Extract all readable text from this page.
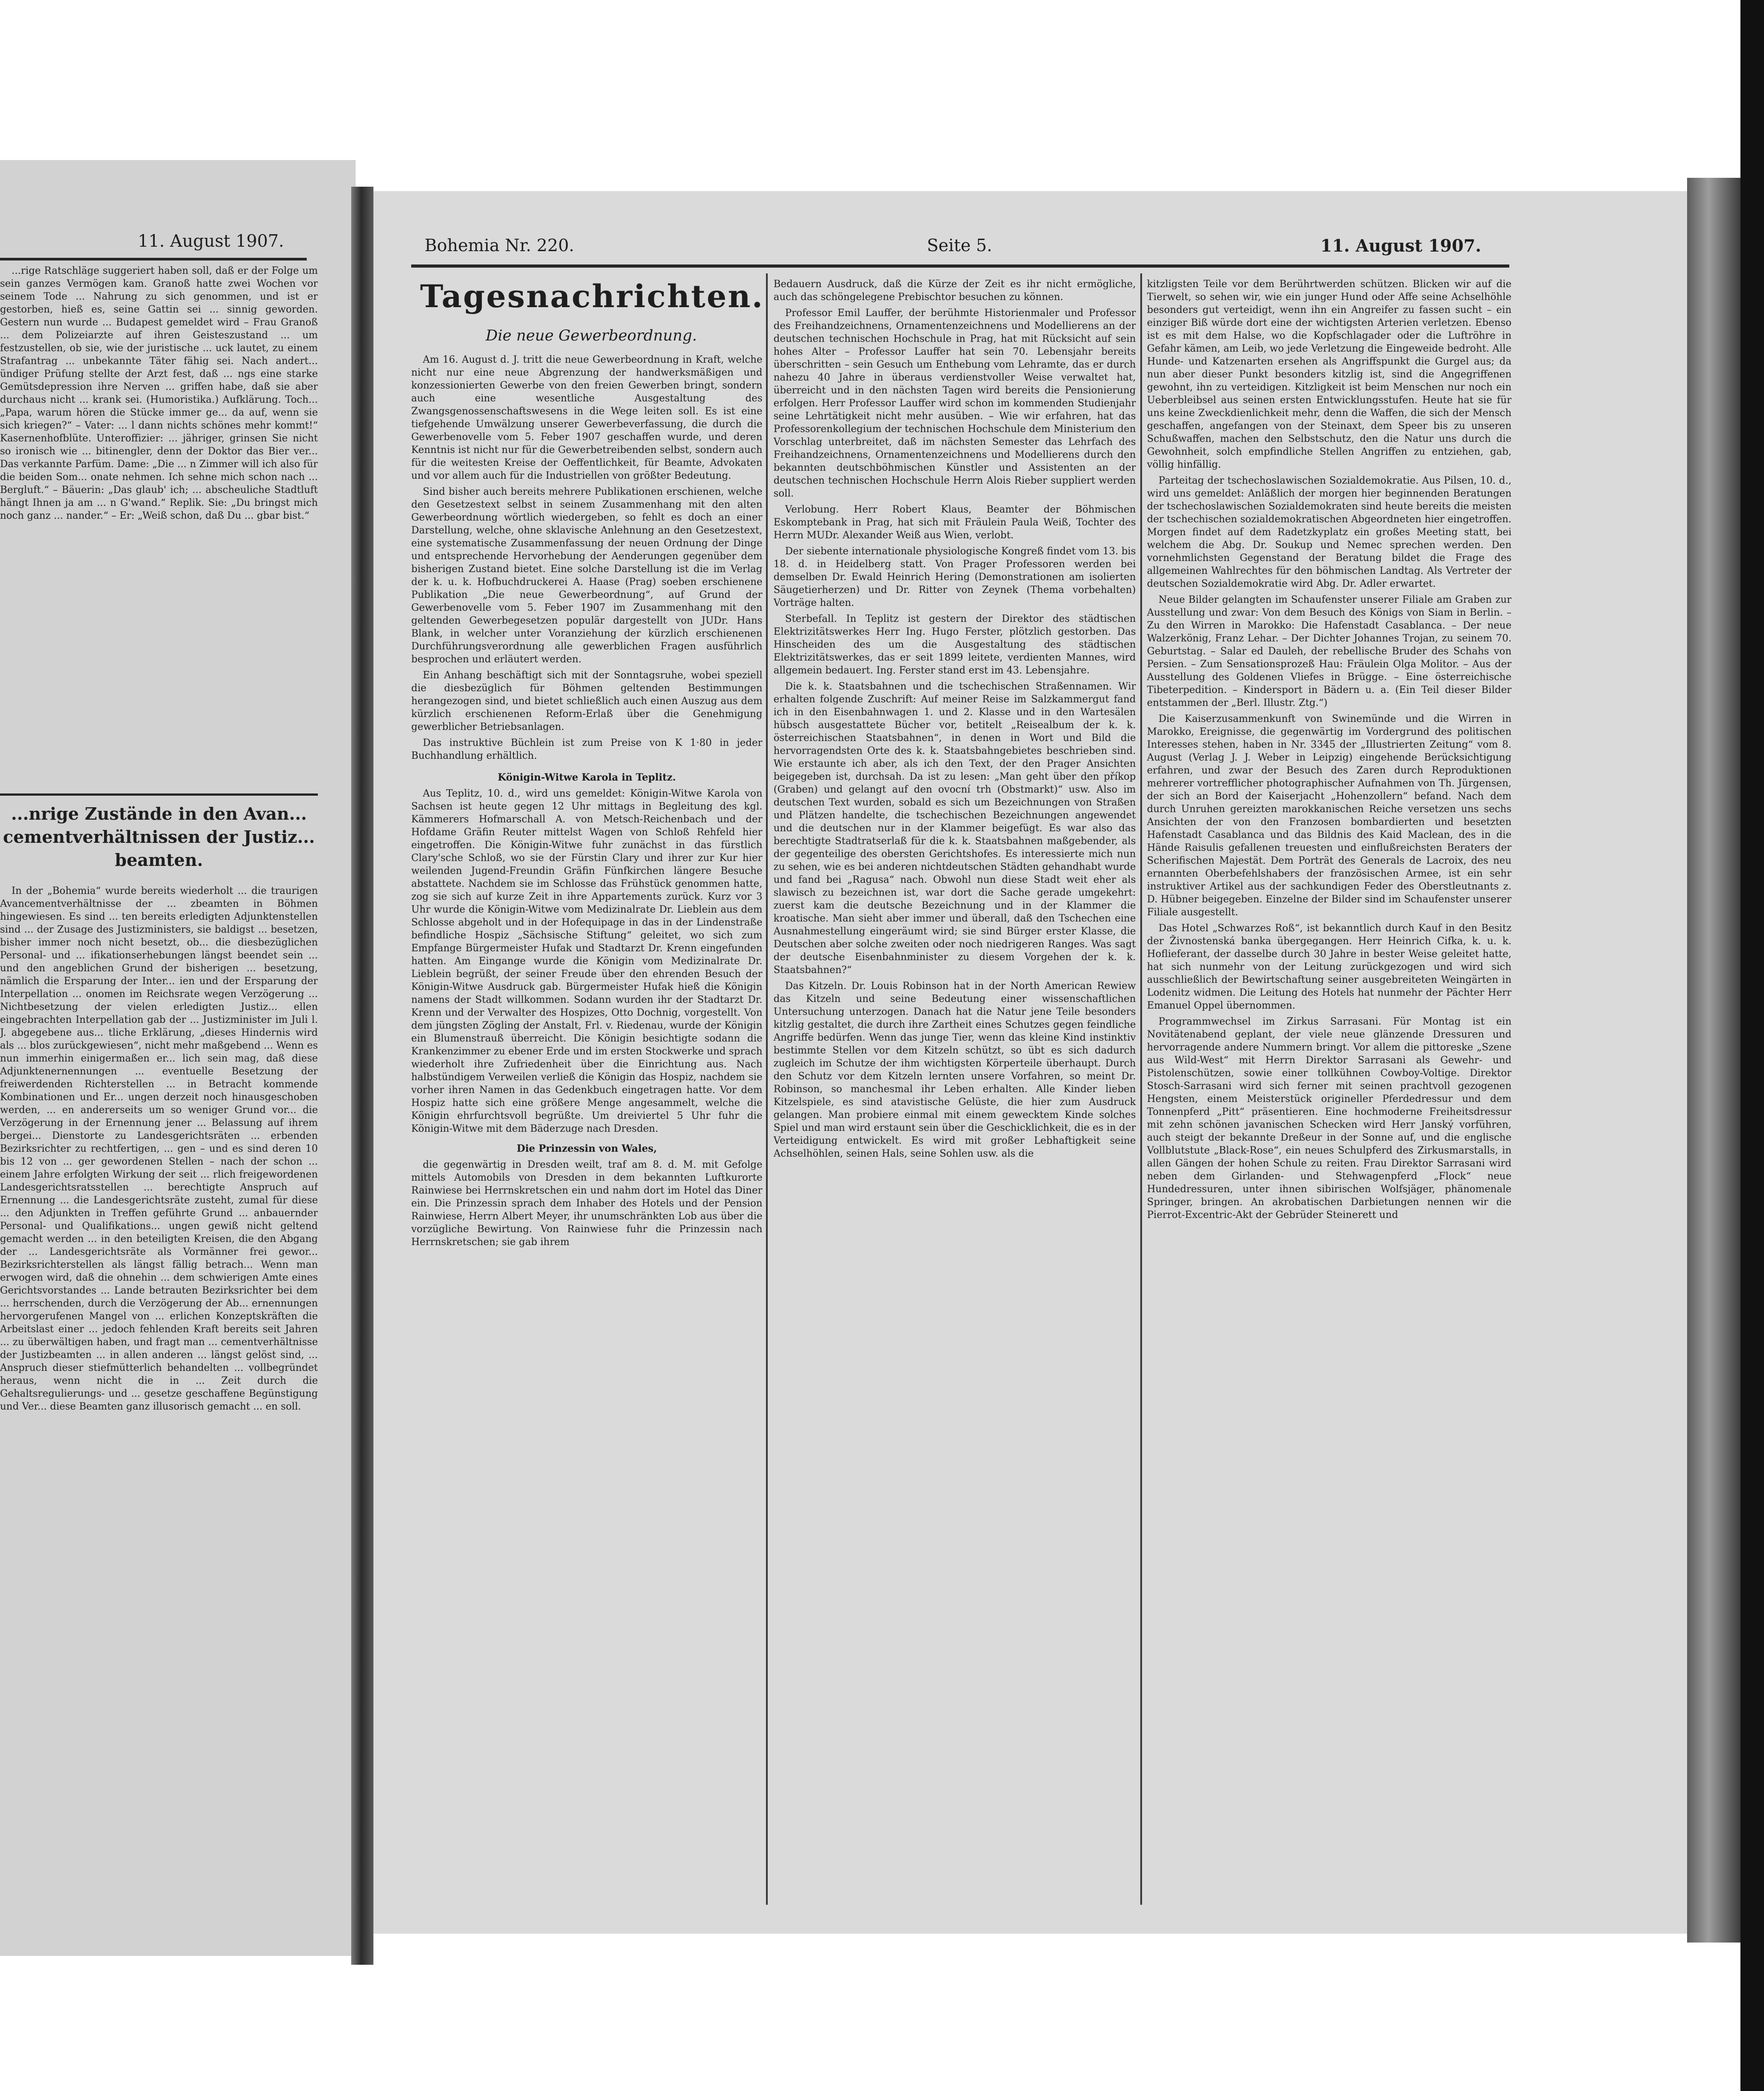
11. August 1907.

...rige Ratschläge suggeriert haben soll, daß er der Folge um sein ganzes Vermögen kam. Granoß hatte zwei Wochen vor seinem Tode ... Nahrung zu sich genommen, und ist er gestorben, hieß es, seine Gattin sei ... sinnig geworden. Gestern nun wurde ... Budapest gemeldet wird – Frau Granoß ... dem Polizeiarzte auf ihren Geisteszustand ... um festzustellen, ob sie, wie der juristische ... uck lautet, zu einem Strafantrag ... unbekannte Täter fähig sei. Nach andert... ündiger Prüfung stellte der Arzt fest, daß ... ngs eine starke Gemütsdepression ihre Nerven ... griffen habe, daß sie aber durchaus nicht ... krank sei. (Humoristika.) Aufklärung. Toch... „Papa, warum hören die Stücke immer ge... da auf, wenn sie sich kriegen?“ – Vater: ... l dann nichts schönes mehr kommt!“ Kasernenhofblüte. Unteroffizier: ... jähriger, grinsen Sie nicht so ironisch wie ... bitinengler, denn der Doktor das Bier ver... Das verkannte Parfüm. Dame: „Die ... n Zimmer will ich also für die beiden Som... onate nehmen. Ich sehne mich schon nach ... Bergluft.“ – Bäuerin: „Das glaub' ich; ... abscheuliche Stadtluft hängt Ihnen ja am ... n G'wand.“ Replik. Sie: „Du bringst mich noch ganz ... nander.“ – Er: „Weiß schon, daß Du ... gbar bist.“

...nrige Zustände in den Avan... cementverhältnissen der Justiz... beamten.

In der „Bohemia“ wurde bereits wiederholt ... die traurigen Avancementverhältnisse der ... zbeamten in Böhmen hingewiesen. Es sind ... ten bereits erledigten Adjunktenstellen sind ... der Zusage des Justizministers, sie baldigst ... besetzen, bisher immer noch nicht besetzt, ob... die diesbezüglichen Personal- und ... ifikationserhebungen längst beendet sein ... und den angeblichen Grund der bisherigen ... besetzung, nämlich die Ersparung der Inter... ien und der Ersparung der Interpellation ... onomen im Reichsrate wegen Verzögerung ... Nichtbesetzung der vielen erledigten Justiz... ellen eingebrachten Interpellation gab der ... Justizminister im Juli l. J. abgegebene aus... tliche Erklärung, „dieses Hindernis wird als ... blos zurückgewiesen“, nicht mehr maßgebend ... Wenn es nun immerhin einigermaßen er... lich sein mag, daß diese Adjunktenernennungen ... eventuelle Besetzung der freiwerdenden Richterstellen ... in Betracht kommende Kombinationen und Er... ungen derzeit noch hinausgeschoben werden, ... en andererseits um so weniger Grund vor... die Verzögerung in der Ernennung jener ... Belassung auf ihrem bergei... Dienstorte zu Landesgerichtsräten ... erbenden Bezirksrichter zu rechtfertigen, ... gen – und es sind deren 10 bis 12 von ... ger gewordenen Stellen – nach der schon ... einem Jahre erfolgten Wirkung der seit ... rlich freigewordenen Landesgerichtsratsstellen ... berechtigte Anspruch auf Ernennung ... die Landesgerichtsräte zusteht, zumal für diese ... den Adjunkten in Treffen geführte Grund ... anbauernder Personal- und Qualifikations... ungen gewiß nicht geltend gemacht werden ... in den beteiligten Kreisen, die den Abgang der ... Landesgerichtsräte als Vormänner frei gewor... Bezirksrichterstellen als längst fällig betrach... Wenn man erwogen wird, daß die ohnehin ... dem schwierigen Amte eines Gerichtsvorstandes ... Lande betrauten Bezirksrichter bei dem ... herrschenden, durch die Verzögerung der Ab... ernennungen hervorgerufenen Mangel von ... erlichen Konzeptskräften die Arbeitslast einer ... jedoch fehlenden Kraft bereits seit Jahren ... zu überwältigen haben, und fragt man ... cementverhältnisse der Justizbeamten ... in allen anderen ... längst gelöst sind, ... Anspruch dieser stiefmütterlich behandelten ... vollbegründet heraus, wenn nicht die in ... Zeit durch die Gehaltsregulierungs- und ... gesetze geschaffene Begünstigung und Ver... diese Beamten ganz illusorisch gemacht ... en soll.

Bohemia Nr. 220.	Seite 5.	11. August 1907.
Tagesnachrichten.
Die neue Gewerbeordnung.

Am 16. August d. J. tritt die neue Gewerbeordnung in Kraft, welche nicht nur eine neue Abgrenzung der handwerksmäßigen und konzessionierten Gewerbe von den freien Gewerben bringt, sondern auch eine wesentliche Ausgestaltung des Zwangsgenossenschaftswesens in die Wege leiten soll. Es ist eine tiefgehende Umwälzung unserer Gewerbeverfassung, die durch die Gewerbenovelle vom 5. Feber 1907 geschaffen wurde, und deren Kenntnis ist nicht nur für die Gewerbetreibenden selbst, sondern auch für die weitesten Kreise der Oeffentlichkeit, für Beamte, Advokaten und vor allem auch für die Industriellen von größter Bedeutung.

Sind bisher auch bereits mehrere Publikationen erschienen, welche den Gesetzestext selbst in seinem Zusammenhang mit den alten Gewerbeordnung wörtlich wiedergeben, so fehlt es doch an einer Darstellung, welche, ohne sklavische Anlehnung an den Gesetzestext, eine systematische Zusammenfassung der neuen Ordnung der Dinge und entsprechende Hervorhebung der Aenderungen gegenüber dem bisherigen Zustand bietet. Eine solche Darstellung ist die im Verlag der k. u. k. Hofbuchdruckerei A. Haase (Prag) soeben erschienene Publikation „Die neue Gewerbeordnung“, auf Grund der Gewerbenovelle vom 5. Feber 1907 im Zusammenhang mit den geltenden Gewerbegesetzen populär dargestellt von JUDr. Hans Blank, in welcher unter Voranziehung der kürzlich erschienenen Durchführungsverordnung alle gewerblichen Fragen ausführlich besprochen und erläutert werden.

Ein Anhang beschäftigt sich mit der Sonntagsruhe, wobei speziell die diesbezüglich für Böhmen geltenden Bestimmungen herangezogen sind, und bietet schließlich auch einen Auszug aus dem kürzlich erschienenen Reform-Erlaß über die Genehmigung gewerblicher Betriebsanlagen.

Das instruktive Büchlein ist zum Preise von K 1·80 in jeder Buchhandlung erhältlich.

Königin-Witwe Karola in Teplitz.

Aus Teplitz, 10. d., wird uns gemeldet: Königin-Witwe Karola von Sachsen ist heute gegen 12 Uhr mittags in Begleitung des kgl. Kämmerers Hofmarschall A. von Metsch-Reichenbach und der Hofdame Gräfin Reuter mittelst Wagen von Schloß Rehfeld hier eingetroffen. Die Königin-Witwe fuhr zunächst in das fürstlich Clary'sche Schloß, wo sie der Fürstin Clary und ihrer zur Kur hier weilenden Jugend-Freundin Gräfin Fünfkirchen längere Besuche abstattete. Nachdem sie im Schlosse das Frühstück genommen hatte, zog sie sich auf kurze Zeit in ihre Appartements zurück. Kurz vor 3 Uhr wurde die Königin-Witwe vom Medizinalrate Dr. Lieblein aus dem Schlosse abgeholt und in der Hofequipage in das in der Lindenstraße befindliche Hospiz „Sächsische Stiftung“ geleitet, wo sich zum Empfange Bürgermeister Hufak und Stadtarzt Dr. Krenn eingefunden hatten. Am Eingange wurde die Königin vom Medizinalrate Dr. Lieblein begrüßt, der seiner Freude über den ehrenden Besuch der Königin-Witwe Ausdruck gab. Bürgermeister Hufak hieß die Königin namens der Stadt willkommen. Sodann wurden ihr der Stadtarzt Dr. Krenn und der Verwalter des Hospizes, Otto Dochnig, vorgestellt. Von dem jüngsten Zögling der Anstalt, Frl. v. Riedenau, wurde der Königin ein Blumenstrauß überreicht. Die Königin besichtigte sodann die Krankenzimmer zu ebener Erde und im ersten Stockwerke und sprach wiederholt ihre Zufriedenheit über die Einrichtung aus. Nach halbstündigem Verweilen verließ die Königin das Hospiz, nachdem sie vorher ihren Namen in das Gedenkbuch eingetragen hatte. Vor dem Hospiz hatte sich eine größere Menge angesammelt, welche die Königin ehrfurchtsvoll begrüßte. Um dreiviertel 5 Uhr fuhr die Königin-Witwe mit dem Bäderzuge nach Dresden.

Die Prinzessin von Wales,

die gegenwärtig in Dresden weilt, traf am 8. d. M. mit Gefolge mittels Automobils von Dresden in dem bekannten Luftkurorte Rainwiese bei Herrnskretschen ein und nahm dort im Hotel das Diner ein. Die Prinzessin sprach dem Inhaber des Hotels und der Pension Rainwiese, Herrn Albert Meyer, ihr unumschränkten Lob aus über die vorzügliche Bewirtung. Von Rainwiese fuhr die Prinzessin nach Herrnskretschen; sie gab ihrem

Bedauern Ausdruck, daß die Kürze der Zeit es ihr nicht ermögliche, auch das schöngelegene Prebischtor besuchen zu können.

Professor Emil Lauffer, der berühmte Historienmaler und Professor des Freihandzeichnens, Ornamentenzeichnens und Modellierens an der deutschen technischen Hochschule in Prag, hat mit Rücksicht auf sein hohes Alter – Professor Lauffer hat sein 70. Lebensjahr bereits überschritten – sein Gesuch um Enthebung vom Lehramte, das er durch nahezu 40 Jahre in überaus verdienstvoller Weise verwaltet hat, überreicht und in den nächsten Tagen wird bereits die Pensionierung erfolgen. Herr Professor Lauffer wird schon im kommenden Studienjahr seine Lehrtätigkeit nicht mehr ausüben. – Wie wir erfahren, hat das Professorenkollegium der technischen Hochschule dem Ministerium den Vorschlag unterbreitet, daß im nächsten Semester das Lehrfach des Freihandzeichnens, Ornamentenzeichnens und Modellierens durch den bekannten deutschböhmischen Künstler und Assistenten an der deutschen technischen Hochschule Herrn Alois Rieber suppliert werden soll.

Verlobung. Herr Robert Klaus, Beamter der Böhmischen Eskomptebank in Prag, hat sich mit Fräulein Paula Weiß, Tochter des Herrn MUDr. Alexander Weiß aus Wien, verlobt.

Der siebente internationale physiologische Kongreß findet vom 13. bis 18. d. in Heidelberg statt. Von Prager Professoren werden bei demselben Dr. Ewald Heinrich Hering (Demonstrationen am isolierten Säugetierherzen) und Dr. Ritter von Zeynek (Thema vorbehalten) Vorträge halten.

Sterbefall. In Teplitz ist gestern der Direktor des städtischen Elektrizitätswerkes Herr Ing. Hugo Ferster, plötzlich gestorben. Das Hinscheiden des um die Ausgestaltung des städtischen Elektrizitätswerkes, das er seit 1899 leitete, verdienten Mannes, wird allgemein bedauert. Ing. Ferster stand erst im 43. Lebensjahre.

Die k. k. Staatsbahnen und die tschechischen Straßennamen. Wir erhalten folgende Zuschrift: Auf meiner Reise im Salzkammergut fand ich in den Eisenbahnwagen 1. und 2. Klasse und in den Wartesälen hübsch ausgestattete Bücher vor, betitelt „Reisealbum der k. k. österreichischen Staatsbahnen“, in denen in Wort und Bild die hervorragendsten Orte des k. k. Staatsbahngebietes beschrieben sind. Wie erstaunte ich aber, als ich den Text, der den Prager Ansichten beigegeben ist, durchsah. Da ist zu lesen: „Man geht über den příkop (Graben) und gelangt auf den ovocní trh (Obstmarkt)“ usw. Also im deutschen Text wurden, sobald es sich um Bezeichnungen von Straßen und Plätzen handelte, die tschechischen Bezeichnungen angewendet und die deutschen nur in der Klammer beigefügt. Es war also das berechtigte Stadtratserlaß für die k. k. Staatsbahnen maßgebender, als der gegenteilige des obersten Gerichtshofes. Es interessierte mich nun zu sehen, wie es bei anderen nichtdeutschen Städten gehandhabt wurde und fand bei „Ragusa“ nach. Obwohl nun diese Stadt weit eher als slawisch zu bezeichnen ist, war dort die Sache gerade umgekehrt: zuerst kam die deutsche Bezeichnung und in der Klammer die kroatische. Man sieht aber immer und überall, daß den Tschechen eine Ausnahmestellung eingeräumt wird; sie sind Bürger erster Klasse, die Deutschen aber solche zweiten oder noch niedrigeren Ranges. Was sagt der deutsche Eisenbahnminister zu diesem Vorgehen der k. k. Staatsbahnen?“

Das Kitzeln. Dr. Louis Robinson hat in der North American Rewiew das Kitzeln und seine Bedeutung einer wissenschaftlichen Untersuchung unterzogen. Danach hat die Natur jene Teile besonders kitzlig gestaltet, die durch ihre Zartheit eines Schutzes gegen feindliche Angriffe bedürfen. Wenn das junge Tier, wenn das kleine Kind instinktiv bestimmte Stellen vor dem Kitzeln schützt, so übt es sich dadurch zugleich im Schutze der ihm wichtigsten Körperteile überhaupt. Durch den Schutz vor dem Kitzeln lernten unsere Vorfahren, so meint Dr. Robinson, so manchesmal ihr Leben erhalten. Alle Kinder lieben Kitzelspiele, es sind atavistische Gelüste, die hier zum Ausdruck gelangen. Man probiere einmal mit einem gewecktem Kinde solches Spiel und man wird erstaunt sein über die Geschicklichkeit, die es in der Verteidigung entwickelt. Es wird mit großer Lebhaftigkeit seine Achselhöhlen, seinen Hals, seine Sohlen usw. als die

kitzligsten Teile vor dem Berührtwerden schützen. Blicken wir auf die Tierwelt, so sehen wir, wie ein junger Hund oder Affe seine Achselhöhle besonders gut verteidigt, wenn ihn ein Angreifer zu fassen sucht – ein einziger Biß würde dort eine der wichtigsten Arterien verletzen. Ebenso ist es mit dem Halse, wo die Kopfschlagader oder die Luftröhre in Gefahr kämen, am Leib, wo jede Verletzung die Eingeweide bedroht. Alle Hunde- und Katzenarten ersehen als Angriffspunkt die Gurgel aus; da nun aber dieser Punkt besonders kitzlig ist, sind die Angegriffenen gewohnt, ihn zu verteidigen. Kitzligkeit ist beim Menschen nur noch ein Ueberbleibsel aus seinen ersten Entwicklungsstufen. Heute hat sie für uns keine Zweckdienlichkeit mehr, denn die Waffen, die sich der Mensch geschaffen, angefangen von der Steinaxt, dem Speer bis zu unseren Schußwaffen, machen den Selbstschutz, den die Natur uns durch die Gewohnheit, solch empfindliche Stellen Angriffen zu entziehen, gab, völlig hinfällig.

Parteitag der tschechoslawischen Sozialdemokratie. Aus Pilsen, 10. d., wird uns gemeldet: Anläßlich der morgen hier beginnenden Beratungen der tschechoslawischen Sozialdemokraten sind heute bereits die meisten der tschechischen sozialdemokratischen Abgeordneten hier eingetroffen. Morgen findet auf dem Radetzkyplatz ein großes Meeting statt, bei welchem die Abg. Dr. Soukup und Nemec sprechen werden. Den vornehmlichsten Gegenstand der Beratung bildet die Frage des allgemeinen Wahlrechtes für den böhmischen Landtag. Als Vertreter der deutschen Sozialdemokratie wird Abg. Dr. Adler erwartet.

Neue Bilder gelangten im Schaufenster unserer Filiale am Graben zur Ausstellung und zwar: Von dem Besuch des Königs von Siam in Berlin. – Zu den Wirren in Marokko: Die Hafenstadt Casablanca. – Der neue Walzerkönig, Franz Lehar. – Der Dichter Johannes Trojan, zu seinem 70. Geburtstag. – Salar ed Dauleh, der rebellische Bruder des Schahs von Persien. – Zum Sensationsprozeß Hau: Fräulein Olga Molitor. – Aus der Ausstellung des Goldenen Vliefes in Brügge. – Eine österreichische Tibeterpedition. – Kindersport in Bädern u. a. (Ein Teil dieser Bilder entstammen der „Berl. Illustr. Ztg.“)

Die Kaiserzusammenkunft von Swinemünde und die Wirren in Marokko, Ereignisse, die gegenwärtig im Vordergrund des politischen Interesses stehen, haben in Nr. 3345 der „Illustrierten Zeitung“ vom 8. August (Verlag J. J. Weber in Leipzig) eingehende Berücksichtigung erfahren, und zwar der Besuch des Zaren durch Reproduktionen mehrerer vortrefflicher photographischer Aufnahmen von Th. Jürgensen, der sich an Bord der Kaiserjacht „Hohenzollern“ befand. Nach dem durch Unruhen gereizten marokkanischen Reiche versetzen uns sechs Ansichten der von den Franzosen bombardierten und besetzten Hafenstadt Casablanca und das Bildnis des Kaid Maclean, des in die Hände Raisulis gefallenen treuesten und einflußreichsten Beraters der Scherifischen Majestät. Dem Porträt des Generals de Lacroix, des neu ernannten Oberbefehlshabers der französischen Armee, ist ein sehr instruktiver Artikel aus der sachkundigen Feder des Oberstleutnants z. D. Hübner beigegeben. Einzelne der Bilder sind im Schaufenster unserer Filiale ausgestellt.

Das Hotel „Schwarzes Roß“, ist bekanntlich durch Kauf in den Besitz der Živnostenská banka übergegangen. Herr Heinrich Cifka, k. u. k. Hoflieferant, der dasselbe durch 30 Jahre in bester Weise geleitet hatte, hat sich nunmehr von der Leitung zurückgezogen und wird sich ausschließlich der Bewirtschaftung seiner ausgebreiteten Weingärten in Lodenitz widmen. Die Leitung des Hotels hat nunmehr der Pächter Herr Emanuel Oppel übernommen.

Programmwechsel im Zirkus Sarrasani. Für Montag ist ein Novitätenabend geplant, der viele neue glänzende Dressuren und hervorragende andere Nummern bringt. Vor allem die pittoreske „Szene aus Wild-West“ mit Herrn Direktor Sarrasani als Gewehr- und Pistolenschützen, sowie einer tollkühnen Cowboy-Voltige. Direktor Stosch-Sarrasani wird sich ferner mit seinen prachtvoll gezogenen Hengsten, einem Meisterstück origineller Pferdedressur und dem Tonnenpferd „Pitt“ präsentieren. Eine hochmoderne Freiheitsdressur mit zehn schönen javanischen Schecken wird Herr Janský vorführen, auch steigt der bekannte Dreßeur in der Sonne auf, und die englische Vollblutstute „Black-Rose“, ein neues Schulpferd des Zirkusmarstalls, in allen Gängen der hohen Schule zu reiten. Frau Direktor Sarrasani wird neben dem Girlanden- und Stehwagenpferd „Flock“ neue Hundedressuren, unter ihnen sibirischen Wolfsjäger, phänomenale Springer, bringen. An akrobatischen Darbietungen nennen wir die Pierrot-Excentric-Akt der Gebrüder Steinerett und
